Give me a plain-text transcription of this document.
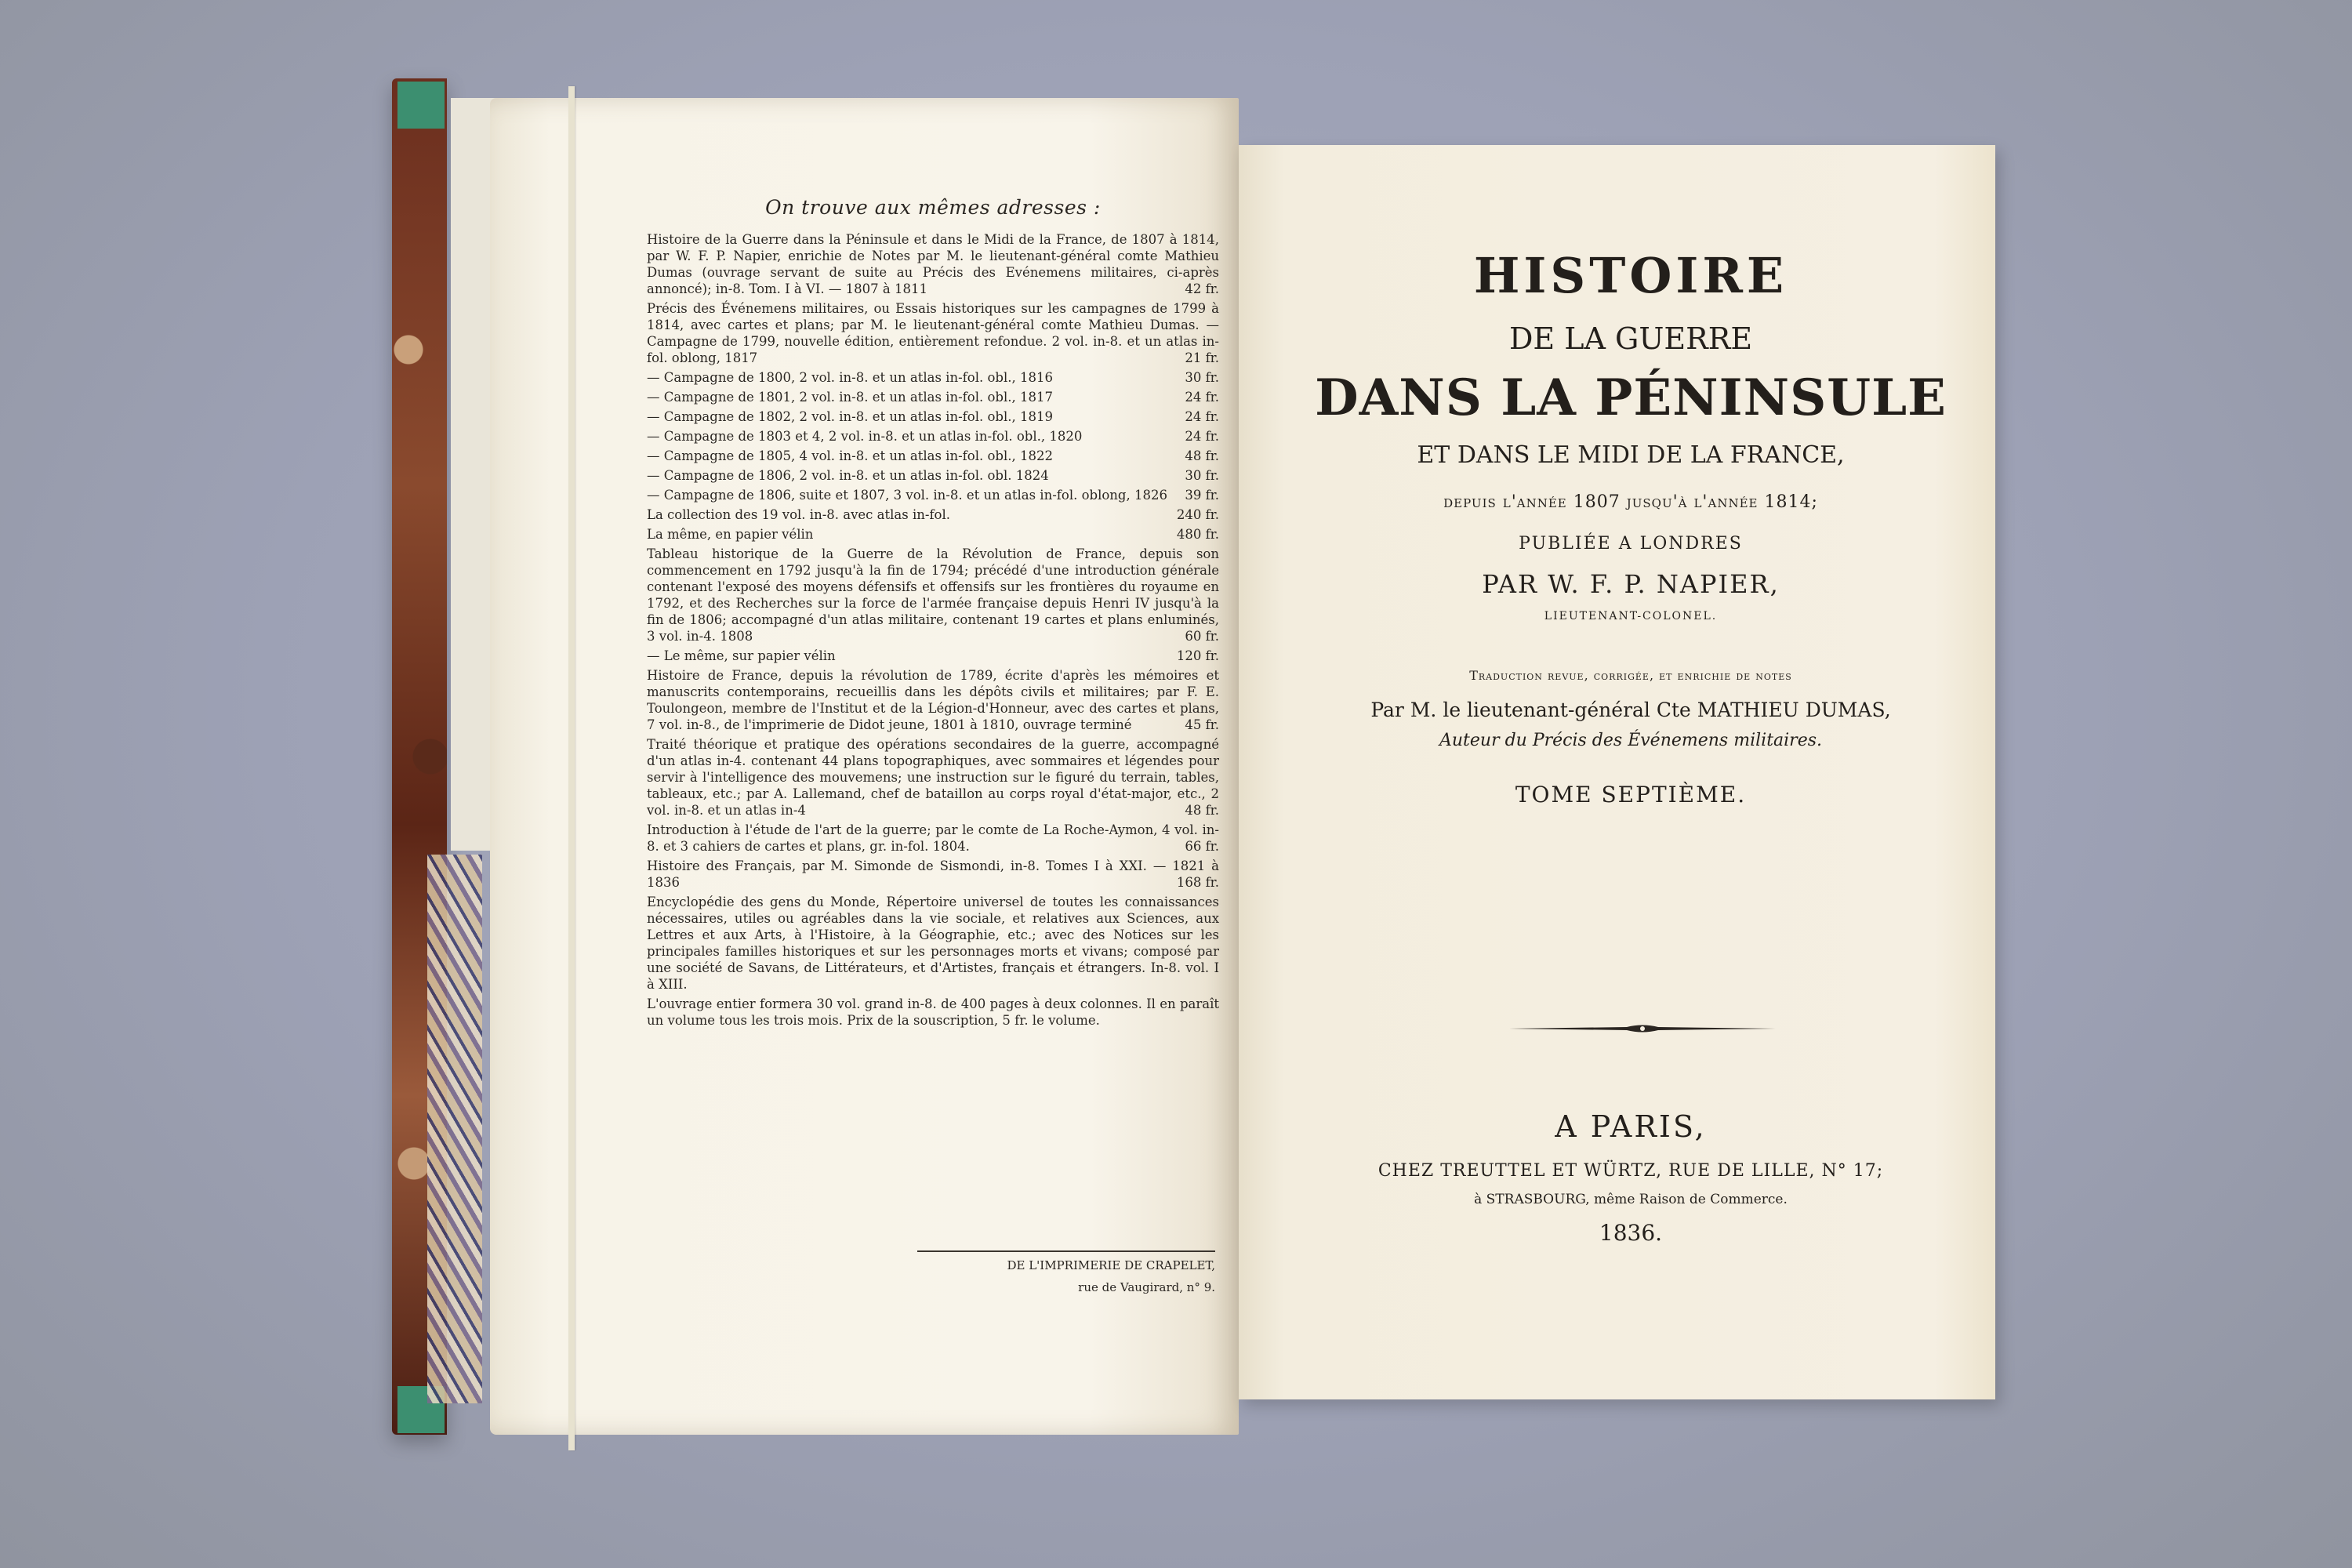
On trouve aux mêmes adresses :
Histoire de la Guerre dans la Péninsule et dans le Midi de la France, de 1807 à 1814, par W. F. P. Napier, enrichie de Notes par M. le lieutenant-général comte Mathieu Dumas (ouvrage servant de suite au Précis des Evénemens militaires, ci-après annoncé); in-8. Tom. I à VI. — 1807 à 1811	42 fr.
Précis des Événemens militaires, ou Essais historiques sur les campagnes de 1799 à 1814, avec cartes et plans; par M. le lieutenant-général comte Mathieu Dumas. — Campagne de 1799, nouvelle édition, entièrement refondue. 2 vol. in-8. et un atlas in-fol. oblong, 1817	21 fr.
— Campagne de 1800, 2 vol. in-8. et un atlas in-fol. obl., 1816	30 fr.
— Campagne de 1801, 2 vol. in-8. et un atlas in-fol. obl., 1817	24 fr.
— Campagne de 1802, 2 vol. in-8. et un atlas in-fol. obl., 1819	24 fr.
— Campagne de 1803 et 4, 2 vol. in-8. et un atlas in-fol. obl., 1820	24 fr.
— Campagne de 1805, 4 vol. in-8. et un atlas in-fol. obl., 1822	48 fr.
— Campagne de 1806, 2 vol. in-8. et un atlas in-fol. obl. 1824	30 fr.
— Campagne de 1806, suite et 1807, 3 vol. in-8. et un atlas in-fol. oblong, 1826 39 fr.
La collection des 19 vol. in-8. avec atlas in-fol.	240 fr.
La même, en papier vélin	480 fr.
Tableau historique de la Guerre de la Révolution de France, depuis son commencement en 1792 jusqu'à la fin de 1794; précédé d'une introduction générale contenant l'exposé des moyens défensifs et offensifs sur les frontières du royaume en 1792, et des Recherches sur la force de l'armée française depuis Henri IV jusqu'à la fin de 1806; accompagné d'un atlas militaire, contenant 19 cartes et plans enluminés, 3 vol. in-4. 1808	60 fr.
— Le même, sur papier vélin	120 fr.
Histoire de France, depuis la révolution de 1789, écrite d'après les mémoires et manuscrits contemporains, recueillis dans les dépôts civils et militaires; par F. E. Toulongeon, membre de l'Institut et de la Légion-d'Honneur, avec des cartes et plans, 7 vol. in-8., de l'imprimerie de Didot jeune, 1801 à 1810, ouvrage terminé	45 fr.
Traité théorique et pratique des opérations secondaires de la guerre, accompagné d'un atlas in-4. contenant 44 plans topographiques, avec sommaires et légendes pour servir à l'intelligence des mouvemens; une instruction sur le figuré du terrain, tables, tableaux, etc.; par A. Lallemand, chef de bataillon au corps royal d'état-major, etc., 2 vol. in-8. et un atlas in-4	48 fr.
Introduction à l'étude de l'art de la guerre; par le comte de La Roche-Aymon, 4 vol. in-8. et 3 cahiers de cartes et plans, gr. in-fol. 1804.	66 fr.
Histoire des Français, par M. Simonde de Sismondi, in-8. Tomes I à XXI. — 1821 à 1836	168 fr.
Encyclopédie des gens du Monde, Répertoire universel de toutes les connaissances nécessaires, utiles ou agréables dans la vie sociale, et relatives aux Sciences, aux Lettres et aux Arts, à l'Histoire, à la Géographie, etc.; avec des Notices sur les principales familles historiques et sur les personnages morts et vivans; composé par une société de Savans, de Littérateurs, et d'Artistes, français et étrangers. In-8. vol. I à XIII.
L'ouvrage entier formera 30 vol. grand in-8. de 400 pages à deux colonnes. Il en paraît un volume tous les trois mois. Prix de la souscription, 5 fr. le volume.
DE L'IMPRIMERIE DE CRAPELET,
rue de Vaugirard, n° 9.
HISTOIRE
DE LA GUERRE
DANS LA PÉNINSULE
ET DANS LE MIDI DE LA FRANCE,
depuis l'année 1807 jusqu'à l'année 1814;
PUBLIÉE A LONDRES
PAR W. F. P. NAPIER,
LIEUTENANT-COLONEL.
Traduction revue, corrigée, et enrichie de notes
Par M. le lieutenant-général Cte MATHIEU DUMAS,
Auteur du Précis des Événemens militaires.
TOME SEPTIÈME.
A PARIS,
CHEZ TREUTTEL ET WÜRTZ, RUE DE LILLE, N° 17;
à STRASBOURG, même Raison de Commerce.
1836.
